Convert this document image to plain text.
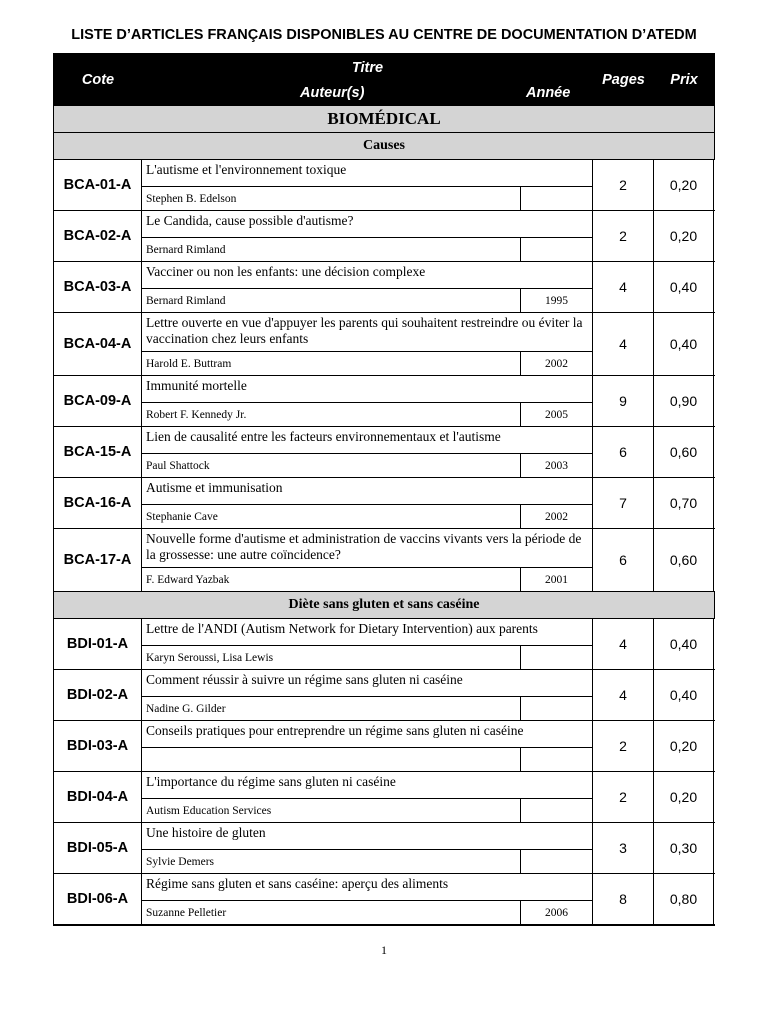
LISTE D’ARTICLES FRANÇAIS DISPONIBLES AU CENTRE DE DOCUMENTATION D’ATEDM
Cote
Titre
Auteur(s)	Année
Pages	Prix
BIOMÉDICAL
Causes
BCA-01-A
L'autisme et l'environnement toxique
Stephen B. Edelson
2	0,20
BCA-02-A
Le Candida, cause possible d'autisme?
Bernard Rimland
2	0,20
BCA-03-A
Vacciner ou non les enfants: une décision complexe
Bernard Rimland	1995
4	0,40
BCA-04-A
Lettre ouverte en vue d'appuyer les parents qui souhaitent restreindre ou éviter la vaccination chez leurs enfants
Harold E. Buttram	2002
4	0,40
BCA-09-A
Immunité mortelle
Robert F. Kennedy Jr.	2005
9	0,90
BCA-15-A
Lien de causalité entre les facteurs environnementaux et l'autisme
Paul Shattock	2003
6	0,60
BCA-16-A
Autisme et immunisation
Stephanie Cave	2002
7	0,70
BCA-17-A
Nouvelle forme d'autisme et administration de vaccins vivants vers la période de la grossesse: une autre coïncidence?
F. Edward Yazbak	2001
6	0,60
Diète sans gluten et sans caséine
BDI-01-A
Lettre de l'ANDI (Autism Network for Dietary Intervention) aux parents
Karyn Seroussi, Lisa Lewis
4	0,40
BDI-02-A
Comment réussir à suivre un régime sans gluten ni caséine
Nadine G. Gilder
4	0,40
BDI-03-A
Conseils pratiques pour entreprendre un régime sans gluten ni caséine
2	0,20
BDI-04-A
L'importance du régime sans gluten ni caséine
Autism Education Services
2	0,20
BDI-05-A
Une histoire de gluten
Sylvie Demers
3	0,30
BDI-06-A
Régime sans gluten et sans caséine: aperçu des aliments
Suzanne Pelletier	2006
8	0,80
1
